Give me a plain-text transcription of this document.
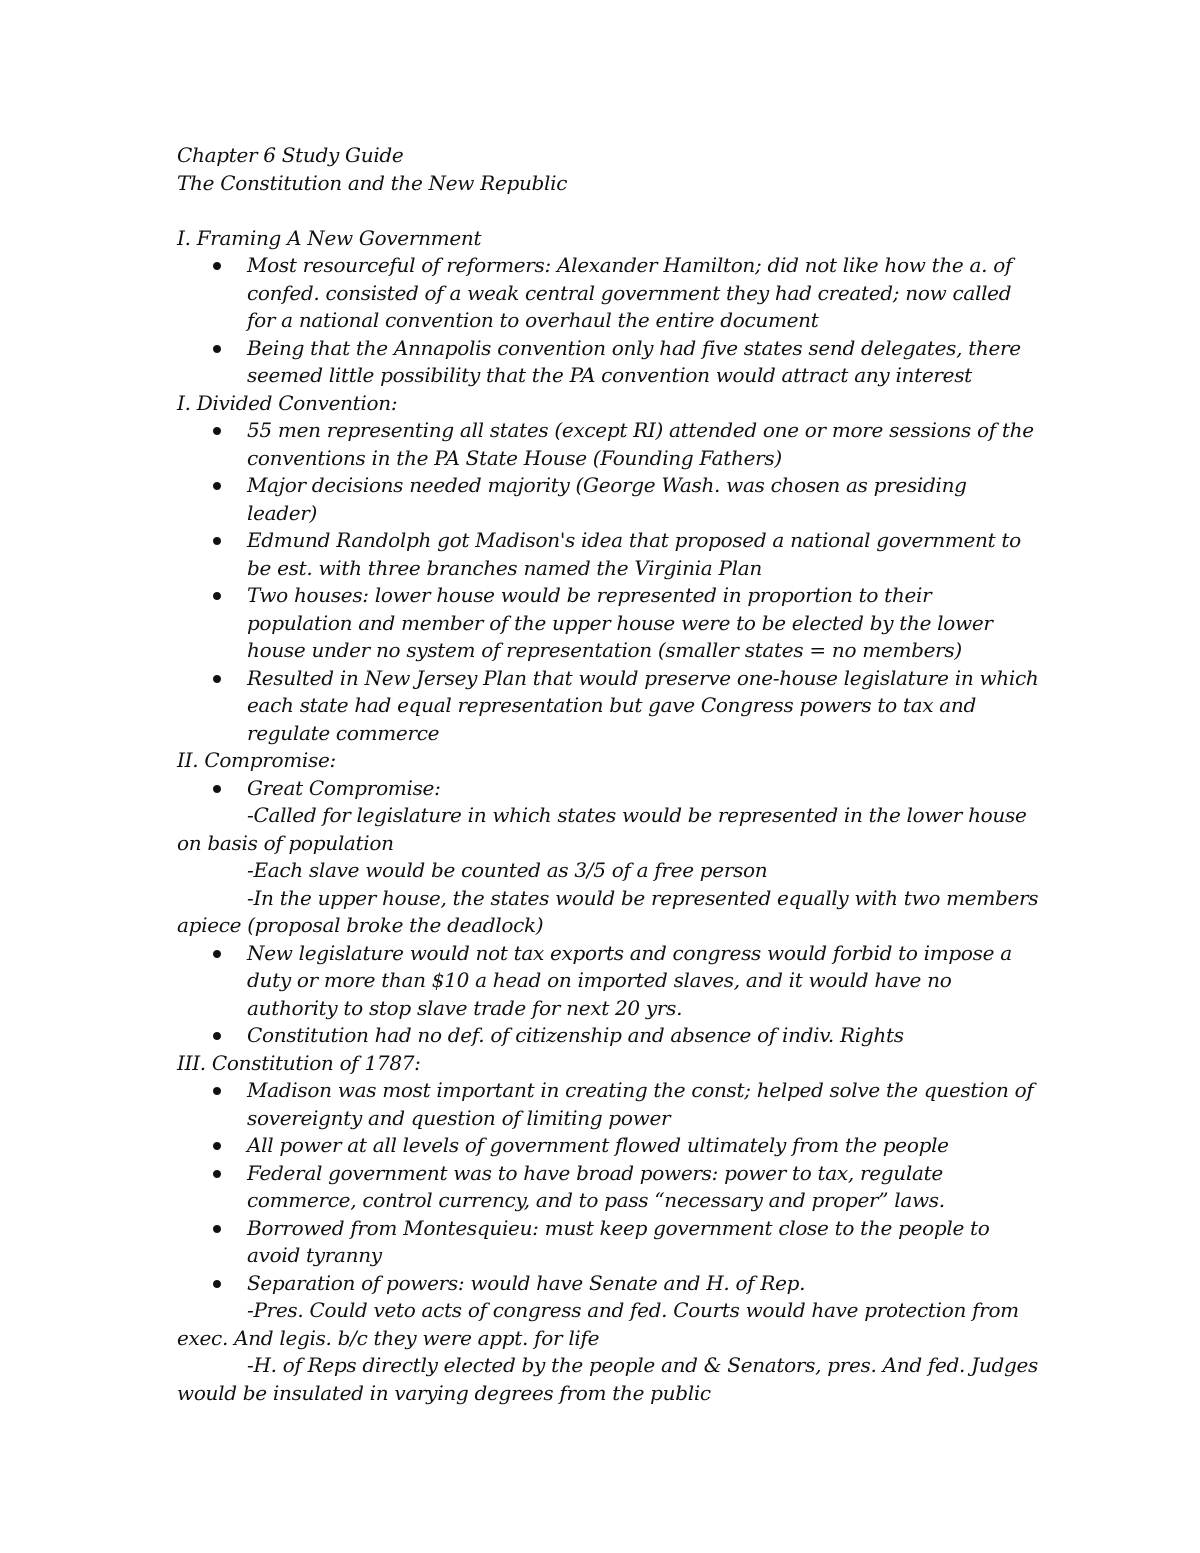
Chapter 6 Study Guide
The Constitution and the New Republic
I. Framing A New Government
Most resourceful of reformers: Alexander Hamilton; did not like how the a. of
confed. consisted of a weak central government they had created; now called
for a national convention to overhaul the entire document
Being that the Annapolis convention only had five states send delegates, there
seemed little possibility that the PA convention would attract any interest
I. Divided Convention:
55 men representing all states (except RI) attended one or more sessions of the
conventions in the PA State House (Founding Fathers)
Major decisions needed majority (George Wash. was chosen as presiding
leader)
Edmund Randolph got Madison's idea that proposed a national government to
be est. with three branches named the Virginia Plan
Two houses: lower house would be represented in proportion to their
population and member of the upper house were to be elected by the lower
house under no system of representation (smaller states = no members)
Resulted in New Jersey Plan that would preserve one-house legislature in which
each state had equal representation but gave Congress powers to tax and
regulate commerce
II. Compromise:
Great Compromise:
-Called for legislature in which states would be represented in the lower house
on basis of population
-Each slave would be counted as 3/5 of a free person
-In the upper house, the states would be represented equally with two members
apiece (proposal broke the deadlock)
New legislature would not tax exports and congress would forbid to impose a
duty or more than $10 a head on imported slaves, and it would have no
authority to stop slave trade for next 20 yrs.
Constitution had no def. of citizenship and absence of indiv. Rights
III. Constitution of 1787:
Madison was most important in creating the const; helped solve the question of
sovereignty and question of limiting power
All power at all levels of government flowed ultimately from the people
Federal government was to have broad powers: power to tax, regulate
commerce, control currency, and to pass “necessary and proper” laws.
Borrowed from Montesquieu: must keep government close to the people to
avoid tyranny
Separation of powers: would have Senate and H. of Rep.
-Pres. Could veto acts of congress and fed. Courts would have protection from
exec. And legis. b/c they were appt. for life
-H. of Reps directly elected by the people and & Senators, pres. And fed. Judges
would be insulated in varying degrees from the public
